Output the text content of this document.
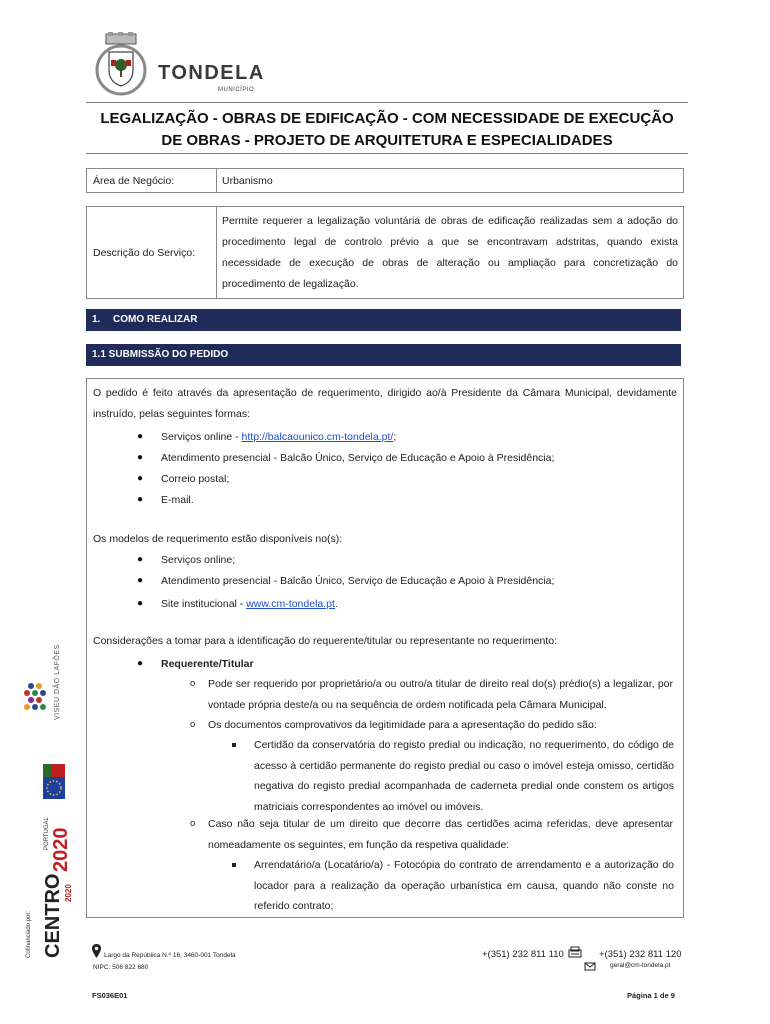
TONDELA
MUNICÍPIO
LEGALIZAÇÃO - OBRAS DE EDIFICAÇÃO - COM NECESSIDADE DE EXECUÇÃO
DE OBRAS - PROJETO DE ARQUITETURA E ESPECIALIDADES
Área de Negócio:	Urbanismo
Descrição do Serviço:	Permite requerer a legalização voluntária de obras de edificação realizadas sem a adoção do procedimento legal de controlo prévio a que se encontravam adstritas, quando exista necessidade de execução de obras de alteração ou ampliação para concretização do procedimento de legalização.
1. COMO REALIZAR
1.1 SUBMISSÃO DO PEDIDO
O pedido é feito através da apresentação de requerimento, dirigido ao/à Presidente da Câmara Municipal, devidamente instruído, pelas seguintes formas:
● Serviços online - http://balcaounico.cm-tondela.pt/;
● Atendimento presencial - Balcão Único, Serviço de Educação e Apoio à Presidência;
● Correio postal;
● E-mail.
Os modelos de requerimento estão disponíveis no(s):
● Serviços online;
● Atendimento presencial - Balcão Único, Serviço de Educação e Apoio à Presidência;
● Site institucional - www.cm-tondela.pt.
Considerações a tomar para a identificação do requerente/titular ou representante no requerimento:
● Requerente/Titular
o Pode ser requerido por proprietário/a ou outro/a titular de direito real do(s) prédio(s) a legalizar, por vontade própria deste/a ou na sequência de ordem notificada pela Câmara Municipal.
o Os documentos comprovativos da legitimidade para a apresentação do pedido são:
Certidão da conservatória do registo predial ou indicação, no requerimento, do código de acesso à certidão permanente do registo predial ou caso o imóvel esteja omisso, certidão negativa do registo predial acompanhada de caderneta predial onde constem os artigos matriciais correspondentes ao imóvel ou imóveis.
o Caso não seja titular de um direito que decorre das certidões acima referidas, deve apresentar nomeadamente os seguintes, em função da respetiva qualidade:
Arrendatário/a (Locatário/a) - Fotocópia do contrato de arrendamento e a autorização do locador para a realização da operação urbanística em causa, quando não conste no referido contrato;
Cofinanciado por:
VISEU DÃO LAFÕES
PORTUGAL 2020
CENTRO 2020
Largo da República N.º 16, 3460-001 Tondela
NIPC: 506 822 680
+(351) 232 811 110	+(351) 232 811 120
geral@cm-tondela.pt
FS036E01	Página 1 de 9
